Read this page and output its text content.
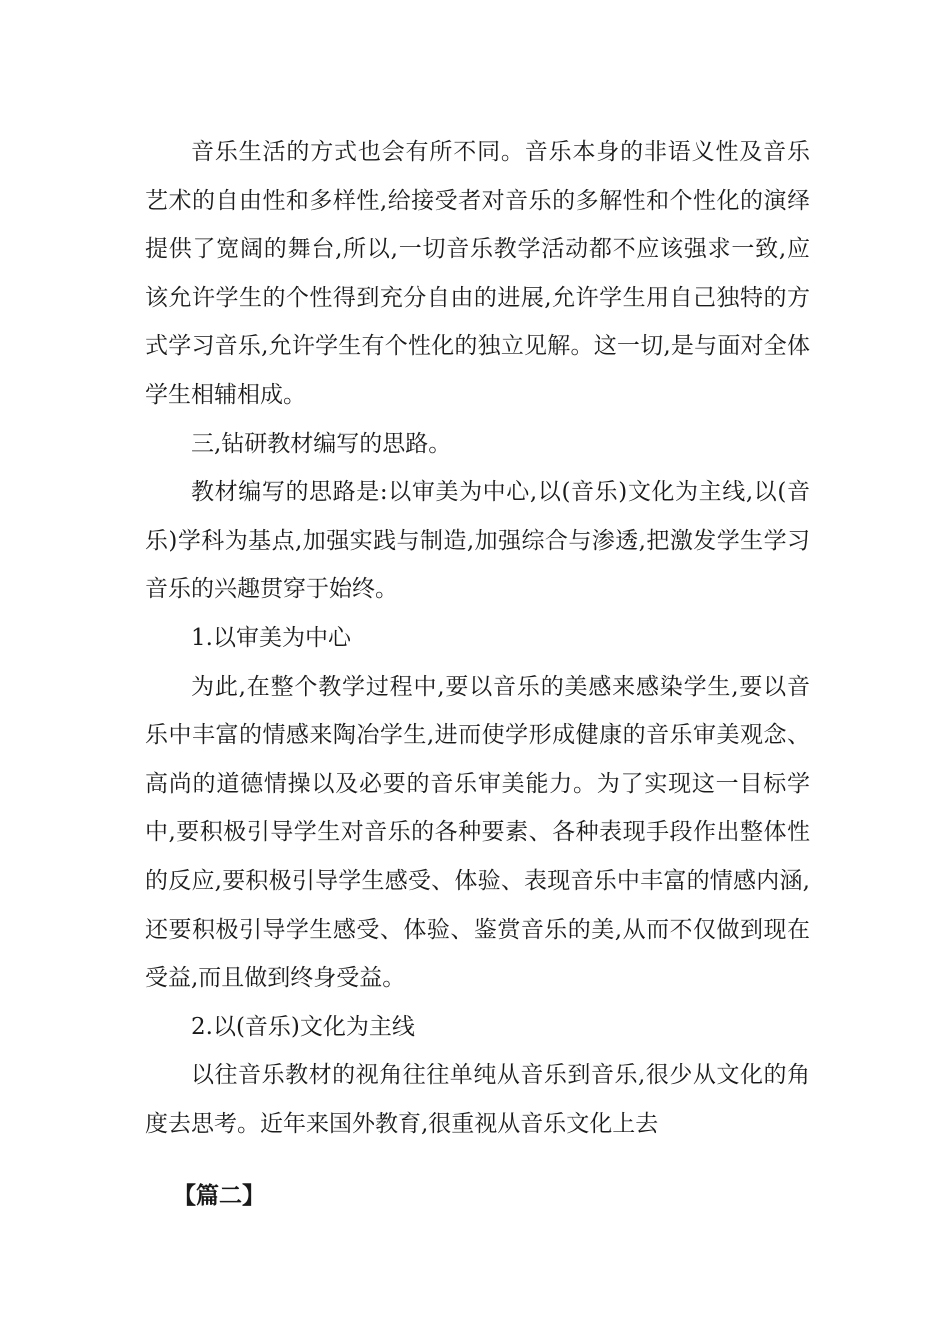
音乐生活的方式也会有所不同。音乐本身的非语义性及音乐艺术的自由性和多样性,给接受者对音乐的多解性和个性化的演绎提供了宽阔的舞台,所以,一切音乐教学活动都不应该强求一致,应该允许学生的个性得到充分自由的进展,允许学生用自己独特的方式学习音乐,允许学生有个性化的独立见解。这一切,是与面对全体学生相辅相成。

三,钻研教材编写的思路。

教材编写的思路是:以审美为中心,以(音乐)文化为主线,以(音乐)学科为基点,加强实践与制造,加强综合与渗透,把激发学生学习音乐的兴趣贯穿于始终。

1.以审美为中心

为此,在整个教学过程中,要以音乐的美感来感染学生,要以音乐中丰富的情感来陶冶学生,进而使学形成健康的音乐审美观念、高尚的道德情操以及必要的音乐审美能力。为了实现这一目标学中,要积极引导学生对音乐的各种要素、各种表现手段作出整体性的反应,要积极引导学生感受、体验、表现音乐中丰富的情感内涵,还要积极引导学生感受、体验、鉴赏音乐的美,从而不仅做到现在受益,而且做到终身受益。

2.以(音乐)文化为主线

以往音乐教材的视角往往单纯从音乐到音乐,很少从文化的角度去思考。近年来国外教育,很重视从音乐文化上去

【篇二】
